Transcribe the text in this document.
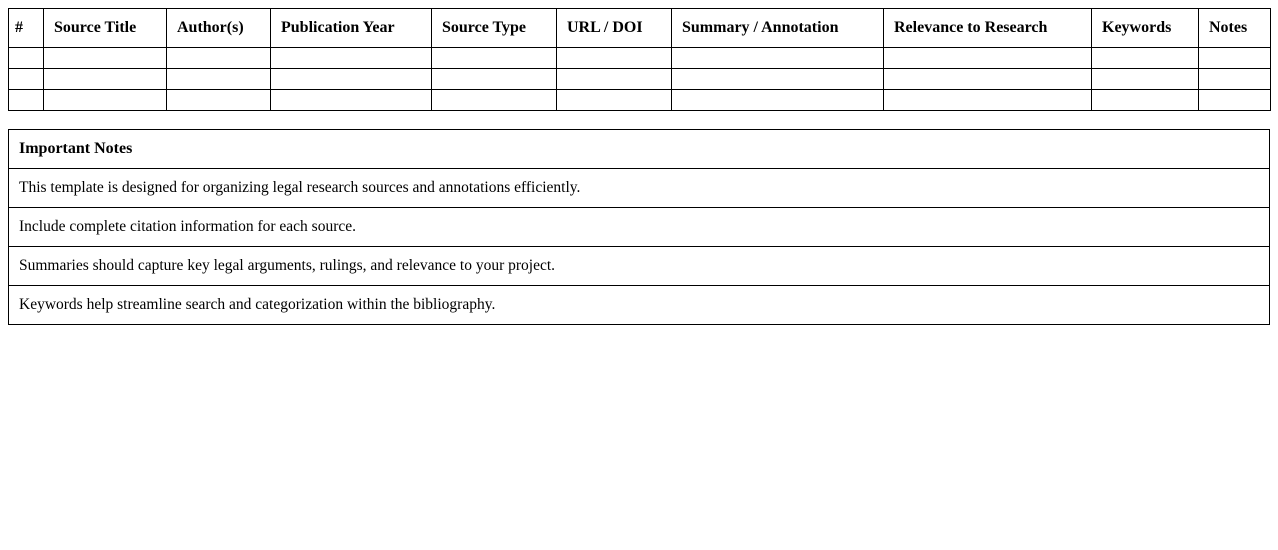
#	Source Title	Author(s)	Publication Year	Source Type	URL / DOI	Summary / Annotation	Relevance to Research	Keywords	Notes

Important Notes
This template is designed for organizing legal research sources and annotations efficiently.
Include complete citation information for each source.
Summaries should capture key legal arguments, rulings, and relevance to your project.
Keywords help streamline search and categorization within the bibliography.
